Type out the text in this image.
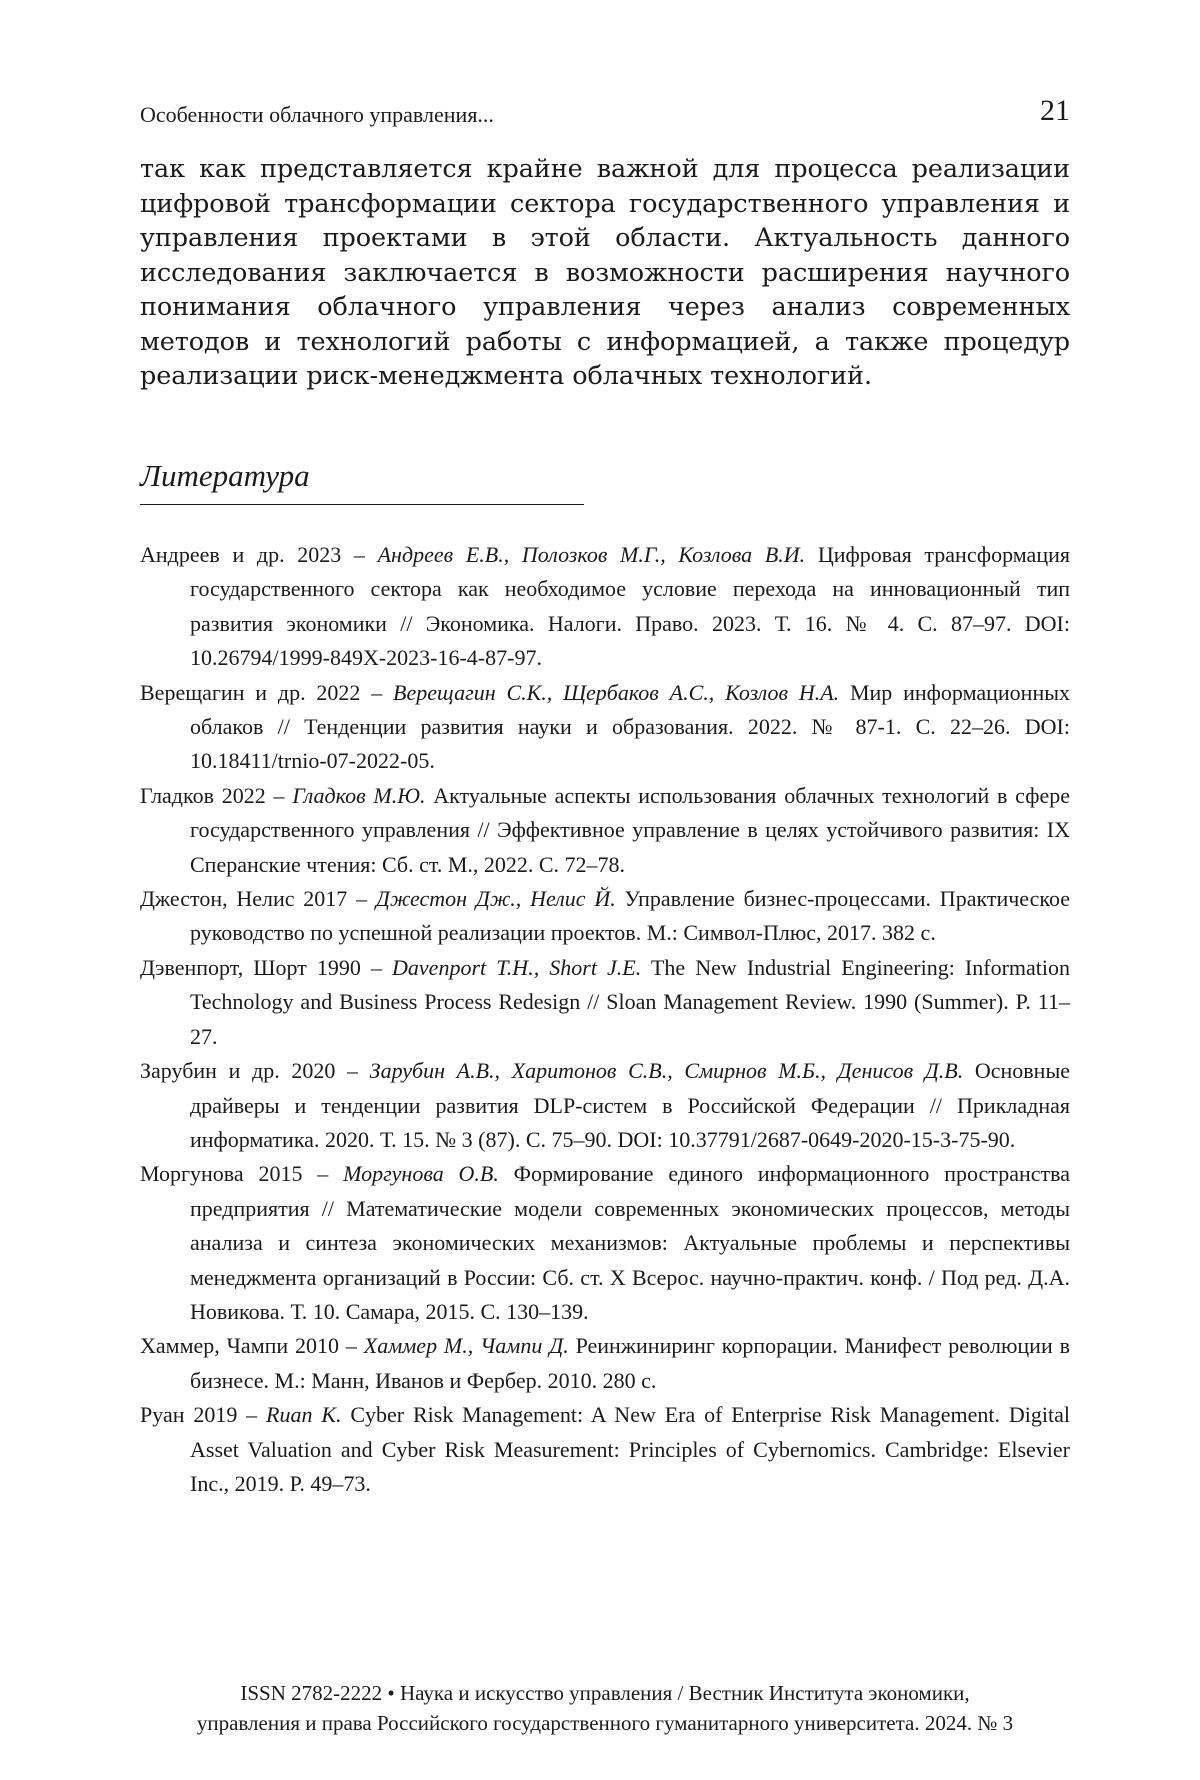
Особенности облачного управления...	21

так как представляется крайне важной для процесса реализации цифровой трансформации сектора государственного управления и управления проектами в этой области. Актуальность данного исследования заключается в возможности расширения научного понимания облачного управления через анализ современных методов и технологий работы с информацией, а также процедур реализации риск-менеджмента облачных технологий.

Литература
Андреев и др. 2023 – Андреев Е.В., Полозков М.Г., Козлова В.И. Цифровая трансформация государственного сектора как необходимое условие перехода на инновационный тип развития экономики // Экономика. Налоги. Право. 2023. Т. 16. № 4. С. 87–97. DOI: 10.26794/1999-849X-2023-16-4-87-97.
Верещагин и др. 2022 – Верещагин С.К., Щербаков А.С., Козлов Н.А. Мир информационных облаков // Тенденции развития науки и образования. 2022. № 87-1. С. 22–26. DOI: 10.18411/trnio-07-2022-05.
Гладков 2022 – Гладков М.Ю. Актуальные аспекты использования облачных технологий в сфере государственного управления // Эффективное управление в целях устойчивого развития: IX Сперанские чтения: Сб. ст. М., 2022. С. 72–78.
Джестон, Нелис 2017 – Джестон Дж., Нелис Й. Управление бизнес-процессами. Практическое руководство по успешной реализации проектов. М.: Символ-Плюс, 2017. 382 с.
Дэвенпорт, Шорт 1990 – Davenport T.H., Short J.E. The New Industrial Engineering: Information Technology and Business Process Redesign // Sloan Management Review. 1990 (Summer). P. 11–27.
Зарубин и др. 2020 – Зарубин А.В., Харитонов С.В., Смирнов М.Б., Денисов Д.В. Основные драйверы и тенденции развития DLP-систем в Российской Федерации // Прикладная информатика. 2020. Т. 15. № 3 (87). С. 75–90. DOI: 10.37791/2687-0649-2020-15-3-75-90.
Моргунова 2015 – Моргунова О.В. Формирование единого информационного пространства предприятия // Математические модели современных экономических процессов, методы анализа и синтеза экономических механизмов: Актуальные проблемы и перспективы менеджмента организаций в России: Сб. ст. X Всерос. научно-практич. конф. / Под ред. Д.А. Новикова. Т. 10. Самара, 2015. С. 130–139.
Хаммер, Чампи 2010 – Хаммер М., Чампи Д. Реинжиниринг корпорации. Манифест революции в бизнесе. М.: Манн, Иванов и Фербер. 2010. 280 с.
Руан 2019 – Ruan K. Cyber Risk Management: A New Era of Enterprise Risk Management. Digital Asset Valuation and Cyber Risk Measurement: Principles of Cybernomics. Cambridge: Elsevier Inc., 2019. P. 49–73.
ISSN 2782-2222 • Наука и искусство управления / Вестник Института экономики,
управления и права Российского государственного гуманитарного университета. 2024. № 3
